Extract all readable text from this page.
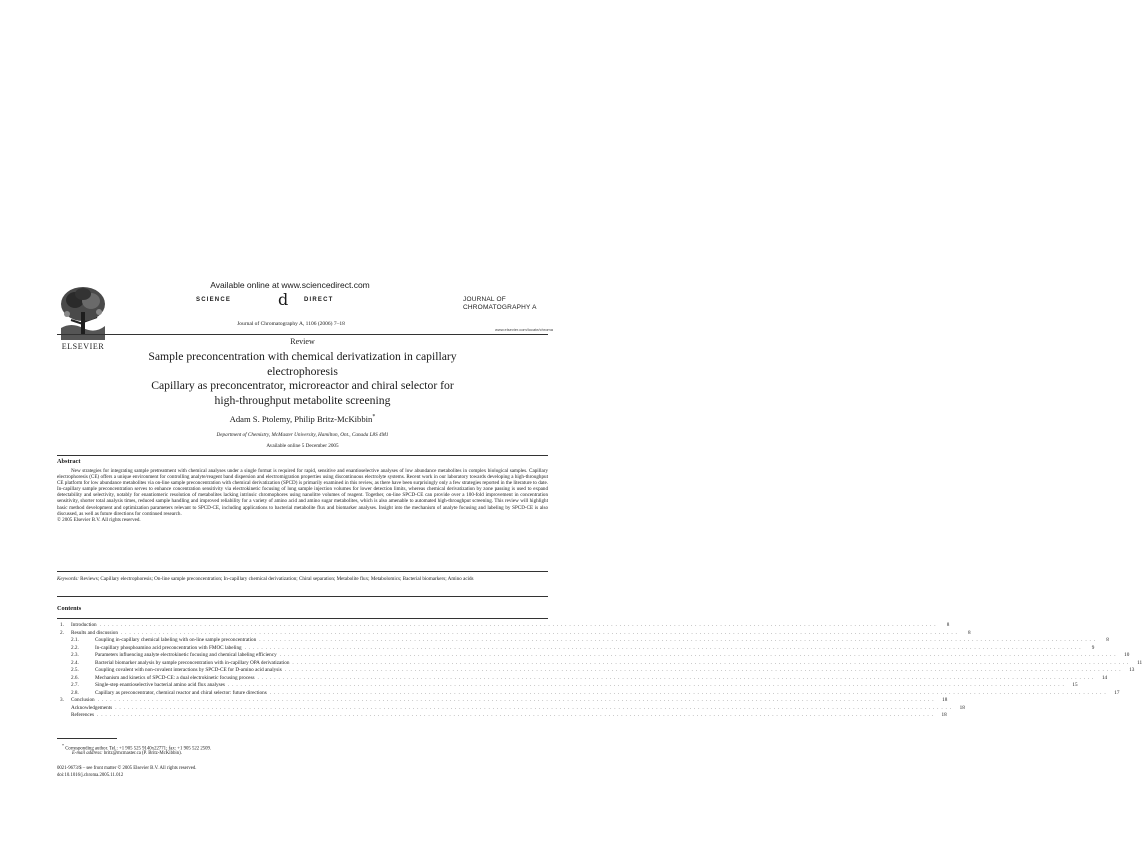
ELSEVIER
Available online at www.sciencedirect.com
SCIENCE	d	DIRECT
Journal of Chromatography A, 1106 (2006) 7–18
JOURNAL OF
CHROMATOGRAPHY A
www.elsevier.com/locate/chroma
Review
Sample preconcentration with chemical derivatization in capillary
electrophoresis
Capillary as preconcentrator, microreactor and chiral selector for
high-throughput metabolite screening
Adam S. Ptolemy, Philip Britz-McKibbin*
Department of Chemistry, McMaster University, Hamilton, Ont., Canada L8S 4M1
Available online 5 December 2005
Abstract
New strategies for integrating sample pretreatment with chemical analyses under a single format is required for rapid, sensitive and enantioselective analyses of low abundance metabolites in complex biological samples. Capillary electrophoresis (CE) offers a unique environment for controlling analyte/reagent band dispersion and electromigration properties using discontinuous electrolyte systems. Recent work in our laboratory towards developing a high-throughput CE platform for low abundance metabolites via on-line sample preconcentration with chemical derivatization (SPCD) is primarily examined in this review, as there have been surprisingly only a few strategies reported in the literature to date. In-capillary sample preconcentration serves to enhance concentration sensitivity via electrokinetic focusing of long sample injection volumes for lower detection limits, whereas chemical derivatization by zone passing is used to expand detectability and selectivity, notably for enantiomeric resolution of metabolites lacking intrinsic chromophores using nanolitre volumes of reagent. Together, on-line SPCD-CE can provide over a 100-fold improvement in concentration sensitivity, shorter total analysis times, reduced sample handling and improved reliability for a variety of amino acid and amino sugar metabolites, which is also amenable to automated high-throughput screening. This review will highlight basic method development and optimization parameters relevant to SPCD-CE, including applications to bacterial metabolite flux and biomarker analyses. Insight into the mechanism of analyte focusing and labeling by SPCD-CE is also discussed, as well as future directions for continued research.
© 2005 Elsevier B.V. All rights reserved.
Keywords: Reviews; Capillary electrophoresis; On-line sample preconcentration; In-capillary chemical derivatization; Chiral separation; Metabolite flux; Metabolomics; Bacterial biomarkers; Amino acids
Contents
1.	Introduction . . . . . . . . . . . . . . . . . . . . . . . . . . . . . . . . . . . . . . . . . . . . . . . . . . . . . . . . . . . . . . . . . . . . . . . . . . . . . . . . . . . . . . . . . . . . . . . . . . . . . . . . . . . . . . . . . . . . . . . . . . . . . . . . . . . . . . . . . . . . . . . . . . . . . . . . . . . . . . . . . . . . . . . . . . . . . . . . . . . . . . . . . . . . . . . . . . . . . . . .	8
2.	Results and discussion . . . . . . . . . . . . . . . . . . . . . . . . . . . . . . . . . . . . . . . . . . . . . . . . . . . . . . . . . . . . . . . . . . . . . . . . . . . . . . . . . . . . . . . . . . . . . . . . . . . . . . . . . . . . . . . . . . . . . . . . . . . . . . . . . . . . . . . . . . . . . . . . . . . . . . . . . . . . . . . . . . . . . . . . . . . . . . . . . . . . . . . . . . . . . . . . . . . . . . . .	8
2.1.	Coupling in-capillary chemical labeling with on-line sample preconcentration . . . . . . . . . . . . . . . . . . . . . . . . . . . . . . . . . . . . . . . . . . . . . . . . . . . . . . . . . . . . . . . . . . . . . . . . . . . . . . . . . . . . . . . . . . . . . . . . . . . . . . . . . . . . . . . . . . . . . . . . . . . . . . . . . . . . . . . . . . . . . . . . . . . . . . . . . . . . . . . . . . . . . . . . . . . . . . . . . . . . . . . . . . . . . . . . . . . . . . . .	8
2.2.	In-capillary phosphoamino acid preconcentration with FMOC labeling . . . . . . . . . . . . . . . . . . . . . . . . . . . . . . . . . . . . . . . . . . . . . . . . . . . . . . . . . . . . . . . . . . . . . . . . . . . . . . . . . . . . . . . . . . . . . . . . . . . . . . . . . . . . . . . . . . . . . . . . . . . . . . . . . . . . . . . . . . . . . . . . . . . . . . . . . . . . . . . . . . . . . . . . . . . . . . . . . . . . . . . . . . . . . . . . . . . . . . . .	9
2.3.	Parameters influencing analyte electrokinetic focusing and chemical labeling efficiency . . . . . . . . . . . . . . . . . . . . . . . . . . . . . . . . . . . . . . . . . . . . . . . . . . . . . . . . . . . . . . . . . . . . . . . . . . . . . . . . . . . . . . . . . . . . . . . . . . . . . . . . . . . . . . . . . . . . . . . . . . . . . . . . . . . . . . . . . . . . . . . . . . . . . . . . . . . . . . . . . . . . . . . . . . . . . . . . . . . . . . . . . . . . . . . . . . . . . . . .	10
2.4.	Bacterial biomarker analysis by sample preconcentration with in-capillary OPA derivatization . . . . . . . . . . . . . . . . . . . . . . . . . . . . . . . . . . . . . . . . . . . . . . . . . . . . . . . . . . . . . . . . . . . . . . . . . . . . . . . . . . . . . . . . . . . . . . . . . . . . . . . . . . . . . . . . . . . . . . . . . . . . . . . . . . . . . . . . . . . . . . . . . . . . . . . . . . . . . . . . . . . . . . . . . . . . . . . . . . . . . . . . . . . . . . . . . . . . . . . .	11
2.5.	Coupling covalent with non-covalent interactions by SPCD-CE for D-amino acid analysis . . . . . . . . . . . . . . . . . . . . . . . . . . . . . . . . . . . . . . . . . . . . . . . . . . . . . . . . . . . . . . . . . . . . . . . . . . . . . . . . . . . . . . . . . . . . . . . . . . . . . . . . . . . . . . . . . . . . . . . . . . . . . . . . . . . . . . . . . . . . . . . . . . . . . . . . . . . . . . . . . . . . . . . . . . . . . . . . . . . . . . . . . . . . . . . . . . . . . . . .	13
2.6.	Mechanism and kinetics of SPCD-CE: a dual electrokinetic focusing process . . . . . . . . . . . . . . . . . . . . . . . . . . . . . . . . . . . . . . . . . . . . . . . . . . . . . . . . . . . . . . . . . . . . . . . . . . . . . . . . . . . . . . . . . . . . . . . . . . . . . . . . . . . . . . . . . . . . . . . . . . . . . . . . . . . . . . . . . . . . . . . . . . . . . . . . . . . . . . . . . . . . . . . . . . . . . . . . . . . . . . . . . . . . . . . . . . . . . . . .	14
2.7.	Single-step enantioselective bacterial amino acid flux analyses . . . . . . . . . . . . . . . . . . . . . . . . . . . . . . . . . . . . . . . . . . . . . . . . . . . . . . . . . . . . . . . . . . . . . . . . . . . . . . . . . . . . . . . . . . . . . . . . . . . . . . . . . . . . . . . . . . . . . . . . . . . . . . . . . . . . . . . . . . . . . . . . . . . . . . . . . . . . . . . . . . . . . . . . . . . . . . . . . . . . . . . . . . . . . . . . . . . . . . . .	15
2.8.	Capillary as preconcentrator, chemical reactor and chiral selector: future directions . . . . . . . . . . . . . . . . . . . . . . . . . . . . . . . . . . . . . . . . . . . . . . . . . . . . . . . . . . . . . . . . . . . . . . . . . . . . . . . . . . . . . . . . . . . . . . . . . . . . . . . . . . . . . . . . . . . . . . . . . . . . . . . . . . . . . . . . . . . . . . . . . . . . . . . . . . . . . . . . . . . . . . . . . . . . . . . . . . . . . . . . . . . . . . . . . . . . . . . .	17
3.	Conclusion . . . . . . . . . . . . . . . . . . . . . . . . . . . . . . . . . . . . . . . . . . . . . . . . . . . . . . . . . . . . . . . . . . . . . . . . . . . . . . . . . . . . . . . . . . . . . . . . . . . . . . . . . . . . . . . . . . . . . . . . . . . . . . . . . . . . . . . . . . . . . . . . . . . . . . . . . . . . . . . . . . . . . . . . . . . . . . . . . . . . . . . . . . . . . . . . . . . . . . . .	18
Acknowledgements . . . . . . . . . . . . . . . . . . . . . . . . . . . . . . . . . . . . . . . . . . . . . . . . . . . . . . . . . . . . . . . . . . . . . . . . . . . . . . . . . . . . . . . . . . . . . . . . . . . . . . . . . . . . . . . . . . . . . . . . . . . . . . . . . . . . . . . . . . . . . . . . . . . . . . . . . . . . . . . . . . . . . . . . . . . . . . . . . . . . . . . . . . . . . . . . . . . . . . . .	18
References . . . . . . . . . . . . . . . . . . . . . . . . . . . . . . . . . . . . . . . . . . . . . . . . . . . . . . . . . . . . . . . . . . . . . . . . . . . . . . . . . . . . . . . . . . . . . . . . . . . . . . . . . . . . . . . . . . . . . . . . . . . . . . . . . . . . . . . . . . . . . . . . . . . . . . . . . . . . . . . . . . . . . . . . . . . . . . . . . . . . . . . . . . . . . . . . . . . . . . . .	18
* Corresponding author. Tel.: +1 905 525 9140x22771; fax: +1 905 522 2509.
E-mail address: britz@mcmaster.ca (P. Britz-McKibbin).
0021-9673/$ – see front matter © 2005 Elsevier B.V. All rights reserved.
doi:10.1016/j.chroma.2005.11.012
